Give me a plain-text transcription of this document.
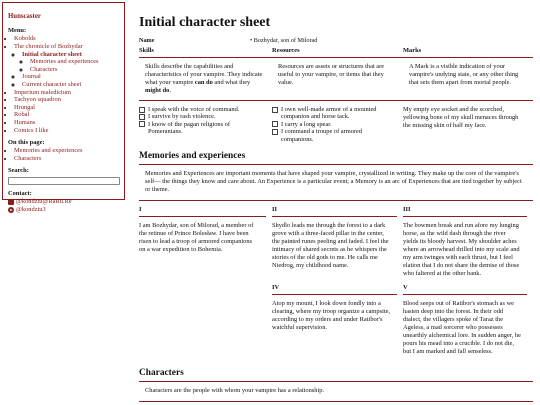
Hunscaster

Menu:

• Kobolds
• The chronicle of Bozhydar
◦ Initial character sheet
◦ Memories and experiences
◦ Characters
◦ Journal
◦ Current character sheet
• Imperium maledictum
• Tachyon squadron
• Hrungal
• Robal
• Humans
• Comics I like

On this page:

• Memories and experiences
• Characters

Search:

Contact:

@kondziu@RaRu.Re
@kondziu3
Initial character sheet
Name
•	Bozhydar, son of Milorad
Skills	Resources	Marks
Skills describe the capabilities and characteristics of your vampire. They indicate what your vampire can do and what they might do.
Resources are assets or structures that are useful to your vampire, or items that they value.
A Mark is a visible indication of your vampire's undying state, or any other thing that sets them apart from mortal people.
I speak with the voice of command.
I survive by rash violence.
I know of the pagan religions of Pomeranians.
I own well-made armor of a mounted companion and horse tack.
I carry a long spear.
I command a troupe of armored companions.
My empty eye socket and the scorched, yellowing bone of my skull menaces through the missing skin of half my face.
Memories and experiences
Memories and Experiences are important moments that have shaped your vampire, crystallized in writing. They make up the core of the vampire's self— the things they know and care about. An Experience is a particular event; a Memory is an arc of Experiences that are tied together by subject or theme.
I
I am Bozhydar, son of Milorad, a member of the retinue of Prince Bolesław. I have been risen to lead a troop of armored companions on a war expedition to Bohemia.
II
Shydlo leads me through the forest to a dark grove with a three-faced pillar in the center, the painted runes peeling and faded. I feel the intimacy of shared secrets as he whispers the stories of the old gods to me. He calls me Niedrog, my childhood name.
III
The bowmen break and run afore my lunging horse, as the wild dash through the river yields its bloody harvest. My shoulder aches where an arrowhead drilled into my scale and my arm twinges with each thrust, but I feel elation that I do not share the demise of those who faltered at the other bank.
IV
Atop my mount, I look down fondly into a clearing, where my troop organize a campsite, according to my orders and under Ratibor's watchful supervision.
V
Blood seeps out of Ratibor's stomach as we hasten deep into the forest. In their odd dialect, the villagers spoke of Taraz the Ageless, a mad sorcerer who possesses unearthly alchemical lore. In sudden anger, he pours his mead into a crucible. I do not die, but I am marked and fall senseless.
Characters
Characters are the people with whom your vampire has a relationship.
